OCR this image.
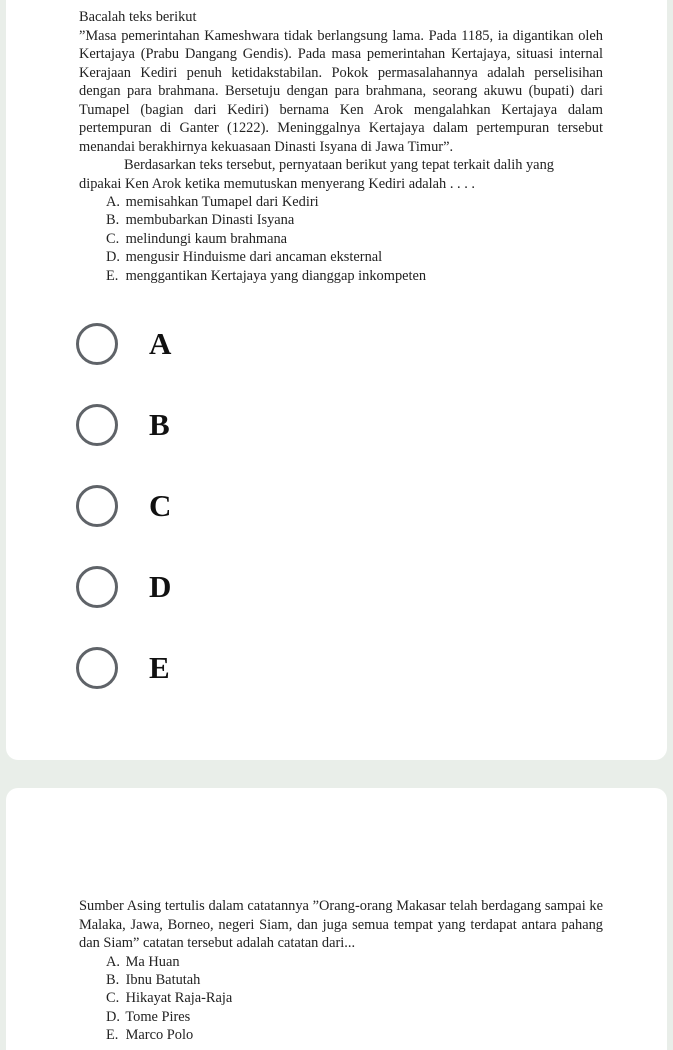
Bacalah teks berikut

”Masa pemerintahan Kameshwara tidak berlangsung lama. Pada 1185, ia digantikan oleh Kertajaya (Prabu Dangang Gendis). Pada masa pemerintahan Kertajaya, situasi internal Kerajaan Kediri penuh ketidakstabilan. Pokok permasalahannya adalah perselisihan dengan para brahmana. Bersetuju dengan para brahmana, seorang akuwu (bupati) dari Tumapel (bagian dari Kediri) bernama Ken Arok mengalahkan Kertajaya dalam pertempuran di Ganter (1222). Meninggalnya Kertajaya dalam pertempuran tersebut menandai berakhirnya kekuasaan Dinasti Isyana di Jawa Timur”.

Berdasarkan teks tersebut, pernyataan berikut yang tepat terkait dalih yang

dipakai Ken Arok ketika memutuskan menyerang Kediri adalah . . . .

A. memisahkan Tumapel dari Kediri
B. membubarkan Dinasti Isyana
C. melindungi kaum brahmana
D. mengusir Hinduisme dari ancaman eksternal
E. menggantikan Kertajaya yang dianggap inkompeten
A
B
C
D
E

Sumber Asing tertulis dalam catatannya ”Orang-orang Makasar telah berdagang sampai ke Malaka, Jawa, Borneo, negeri Siam, dan juga semua tempat yang terdapat antara pahang dan Siam” catatan tersebut adalah catatan dari...

A. Ma Huan
B. Ibnu Batutah
C. Hikayat Raja-Raja
D. Tome Pires
E. Marco Polo
